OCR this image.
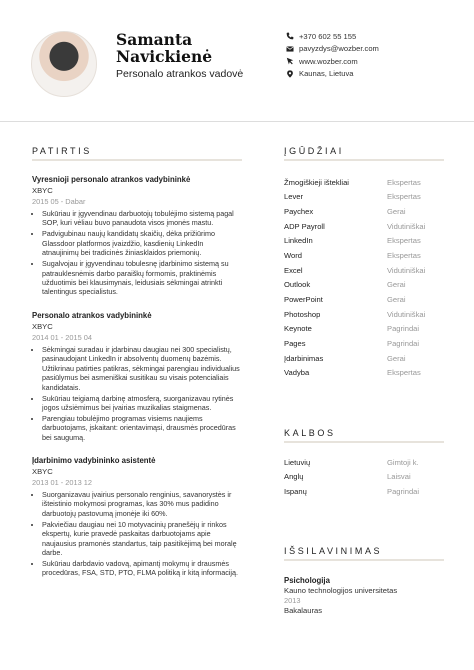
Samanta
Navickienė
Personalo atrankos vadovė
+370 602 55 155
pavyzdys@wozber.com
www.wozber.com
Kaunas, Lietuva
PATIRTIS	ĮGŪDŽIAI
KALBOS
IŠSILAVINIMAS
Vyresnioji personalo atrankos vadybininkė
XBYC
2015 05 - Dabar
• Sukūriau ir įgyvendinau darbuotojų tobulėjimo sistemą pagal SOP, kuri vėliau buvo panaudota visos įmonės mastu.
• Padvigubinau naujų kandidatų skaičių, dėka prižiūrimo Glassdoor platformos įvaizdžio, kasdienių LinkedIn atnaujinimų bei tradicinės žiniasklaidos priemonių.
• Sugalvojau ir įgyvendinau tobulesnę įdarbinimo sistemą su patrauklesnėmis darbo paraiškų formomis, praktinėmis užduotimis bei klausimynais, leidusiais sėkmingai atrinkti talentingus specialistus.
Personalo atrankos vadybininkė
XBYC
2014 01 - 2015 04
• Sėkmingai suradau ir įdarbinau daugiau nei 300 specialistų, pasinaudojant LinkedIn ir absolventų duomenų bazėmis. Užtikrinau patirties patikras, sėkmingai parengiau individualius pasiūlymus bei asmeniškai susitikau su visais potencialiais kandidatais.
• Sukūriau teigiamą darbinę atmosferą, suorganizavau rytinės jogos užsiėmimus bei įvairias muzikalias staigmenas.
• Parengiau tobulėjimo programas visiems naujiems darbuotojams, įskaitant: orientavimąsi, drausmės procedūras bei saugumą.
Įdarbinimo vadybininko asistentė
XBYC
2013 01 - 2013 12
• Suorganizavau įvairius personalo renginius, savanorystės ir išteistinio mokymosi programas, kas 30% mus padidino darbuotojų pastovumą įmonėje iki 60%.
• Pakviečiau daugiau nei 10 motyvacinių pranešėjų ir rinkos ekspertų, kurie pravedė paskaitas darbuotojams apie naujausius pramonės standartus, taip pasitikėjimą bei moralę darbe.
• Sukūriau darbdavio vadovą, apimantį mokymų ir drausmės procedūras, FSA, STD, PTO, FLMA politiką ir kitą informaciją.
Žmogiškieji ištekliai	Ekspertas
Lever	Ekspertas
Paychex	Gerai
ADP Payroll	Vidutiniškai
LinkedIn	Ekspertas
Word	Ekspertas
Excel	Vidutiniškai
Outlook	Gerai
PowerPoint	Gerai
Photoshop	Vidutiniškai
Keynote	Pagrindai
Pages	Pagrindai
Įdarbinimas	Gerai
Vadyba	Ekspertas
Lietuvių	Gimtoji k.
Anglų	Laisvai
Ispanų	Pagrindai
Psichologija
Kauno technologijos universitetas
2013
Bakalauras
